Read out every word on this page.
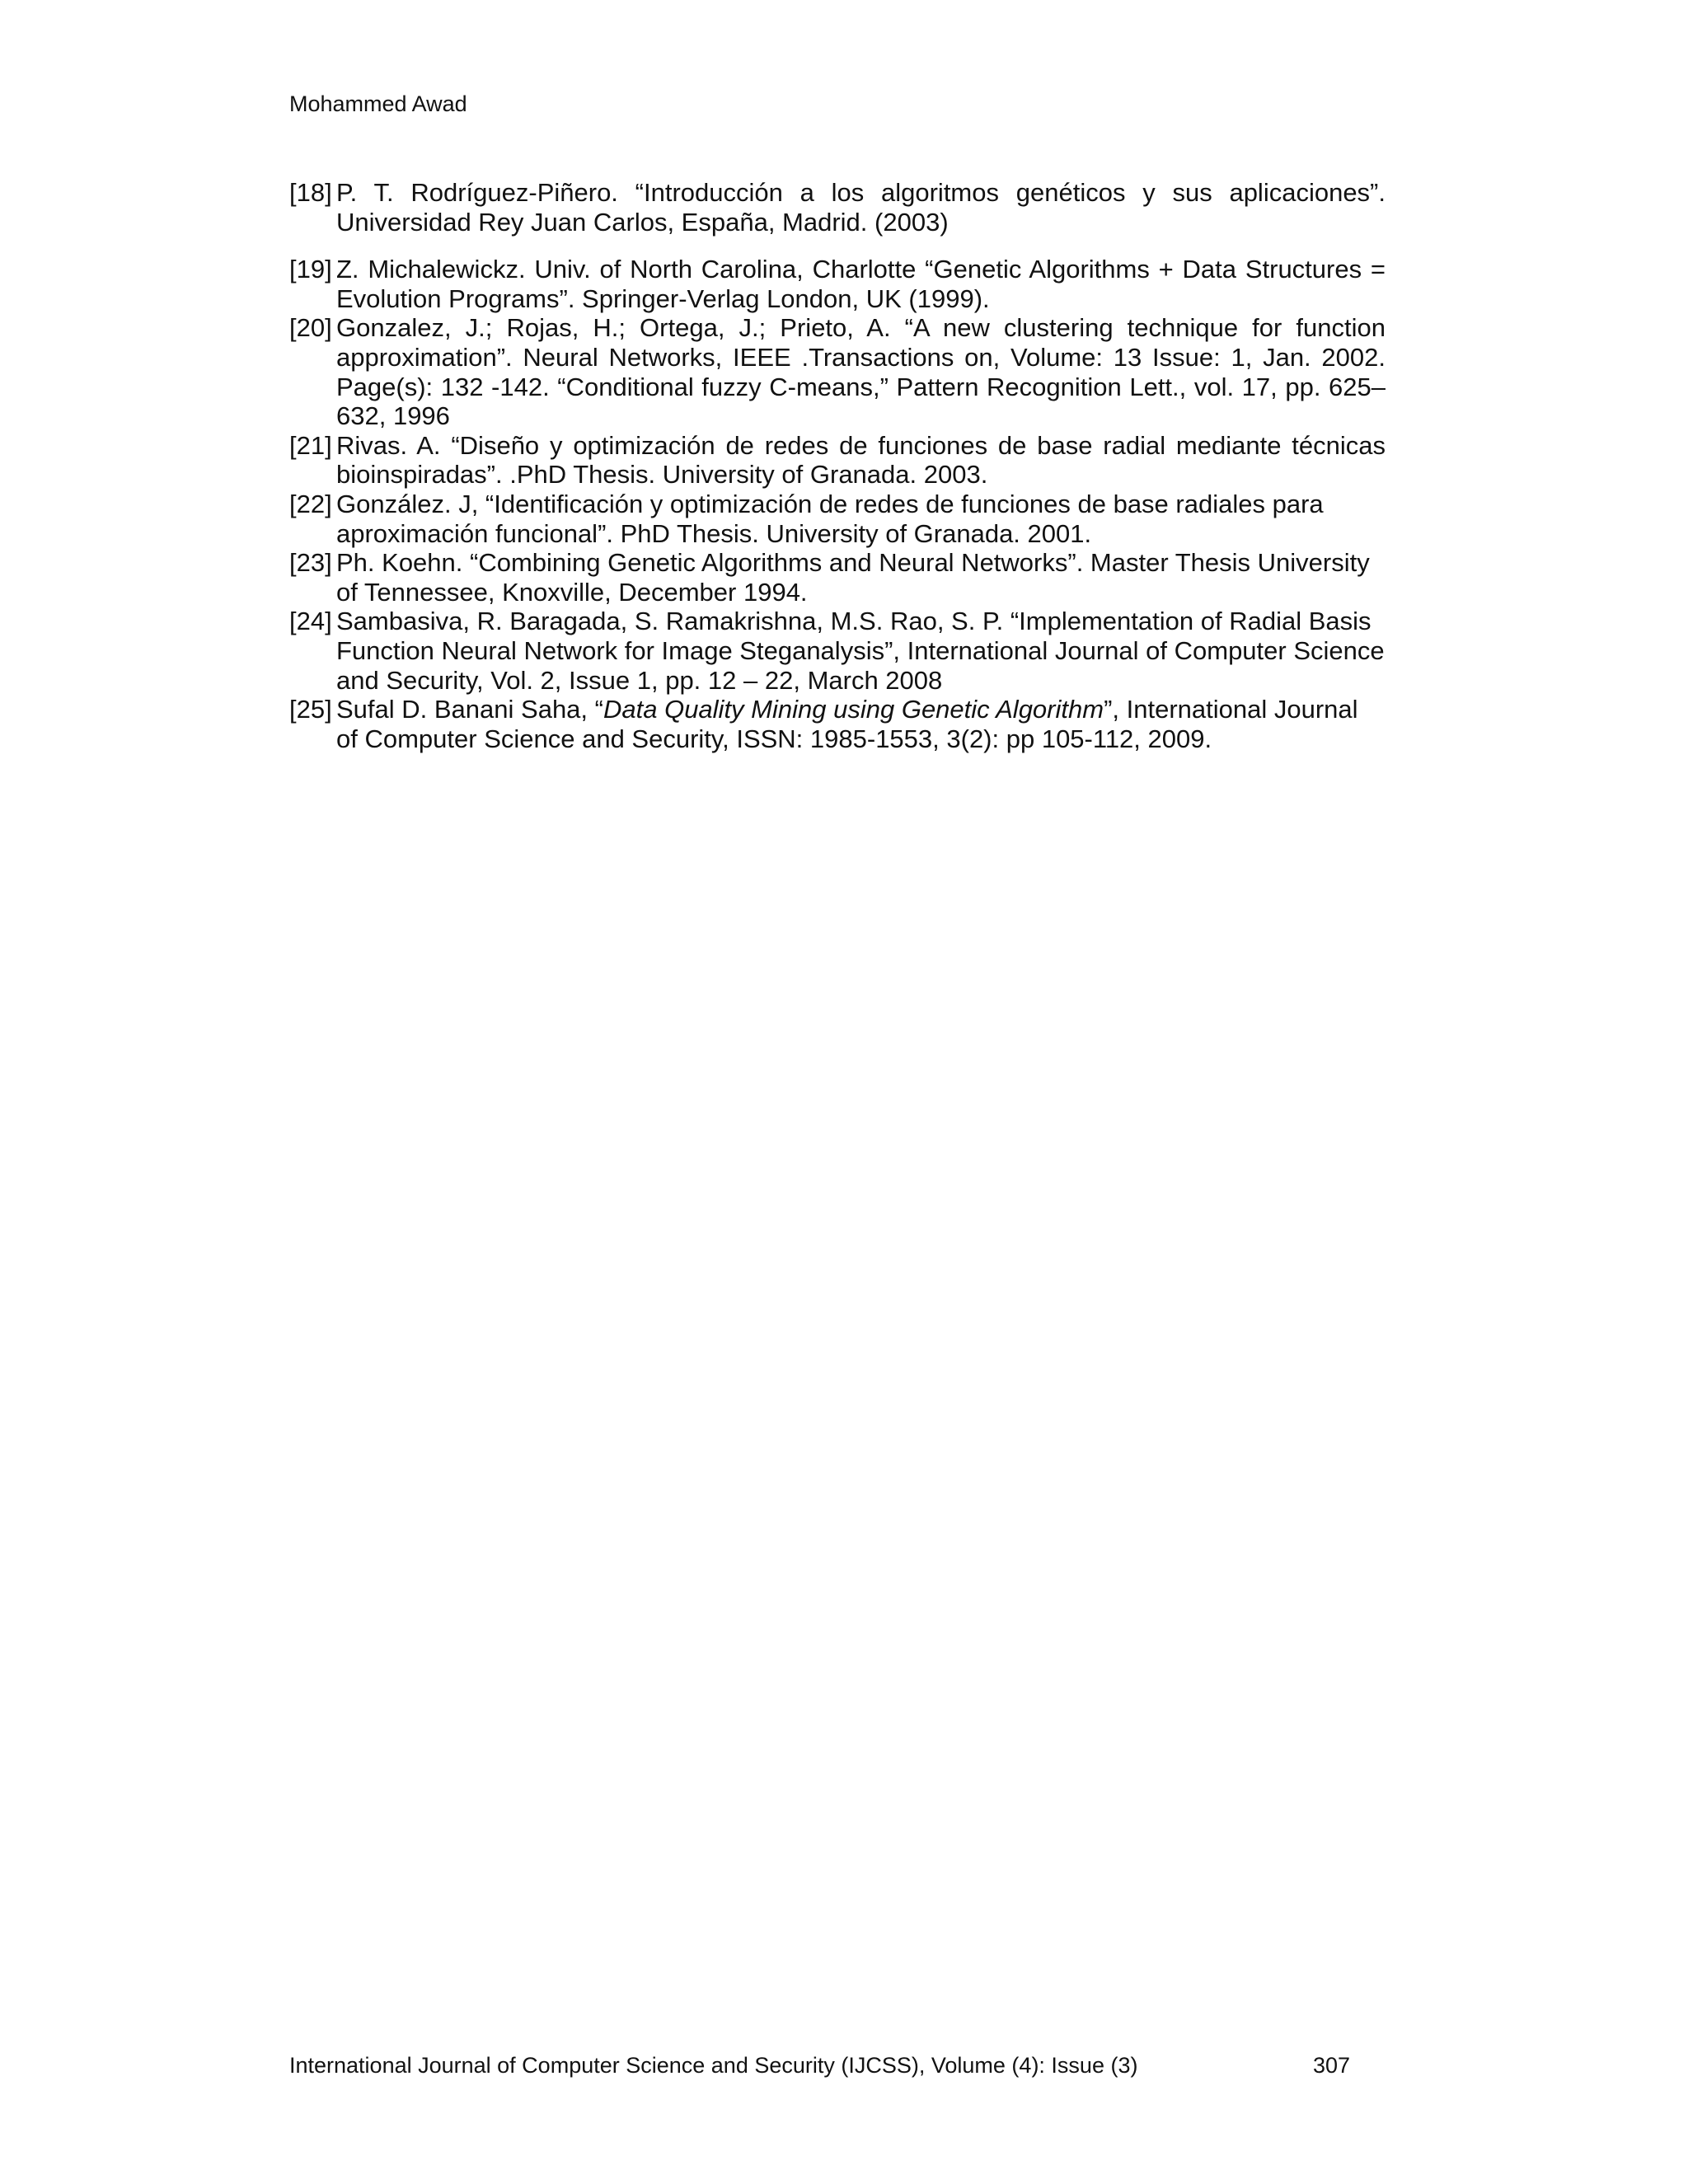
Mohammed Awad
[18] P. T. Rodríguez-Piñero. “Introducción a los algoritmos genéticos y sus aplicaciones”. Universidad Rey Juan Carlos, España, Madrid. (2003)
[19] Z. Michalewickz. Univ. of North Carolina, Charlotte “Genetic Algorithms + Data Structures = Evolution Programs”. Springer-Verlag London, UK (1999).
[20] Gonzalez, J.; Rojas, H.; Ortega, J.; Prieto, A. “A new clustering technique for function approximation”. Neural Networks, IEEE .Transactions on, Volume: 13 Issue: 1, Jan. 2002. Page(s): 132 -142. “Conditional fuzzy C-means,” Pattern Recognition Lett., vol. 17, pp. 625–632, 1996
[21] Rivas. A. “Diseño y optimización de redes de funciones de base radial mediante técnicas bioinspiradas”. .PhD Thesis. University of Granada. 2003.
[22] González. J, “Identificación y optimización de redes de funciones de base radiales para aproximación funcional”. PhD Thesis. University of Granada. 2001.
[23] Ph. Koehn. “Combining Genetic Algorithms and Neural Networks”. Master Thesis University of Tennessee, Knoxville, December 1994.
[24] Sambasiva, R. Baragada, S. Ramakrishna, M.S. Rao, S. P. “Implementation of Radial Basis Function Neural Network for Image Steganalysis”, International Journal of Computer Science and Security, Vol. 2, Issue 1, pp. 12 – 22, March 2008
[25] Sufal D. Banani Saha, “Data Quality Mining using Genetic Algorithm”, International Journal of Computer Science and Security, ISSN: 1985-1553, 3(2): pp 105-112, 2009.
International Journal of Computer Science and Security (IJCSS), Volume (4): Issue (3)	307
